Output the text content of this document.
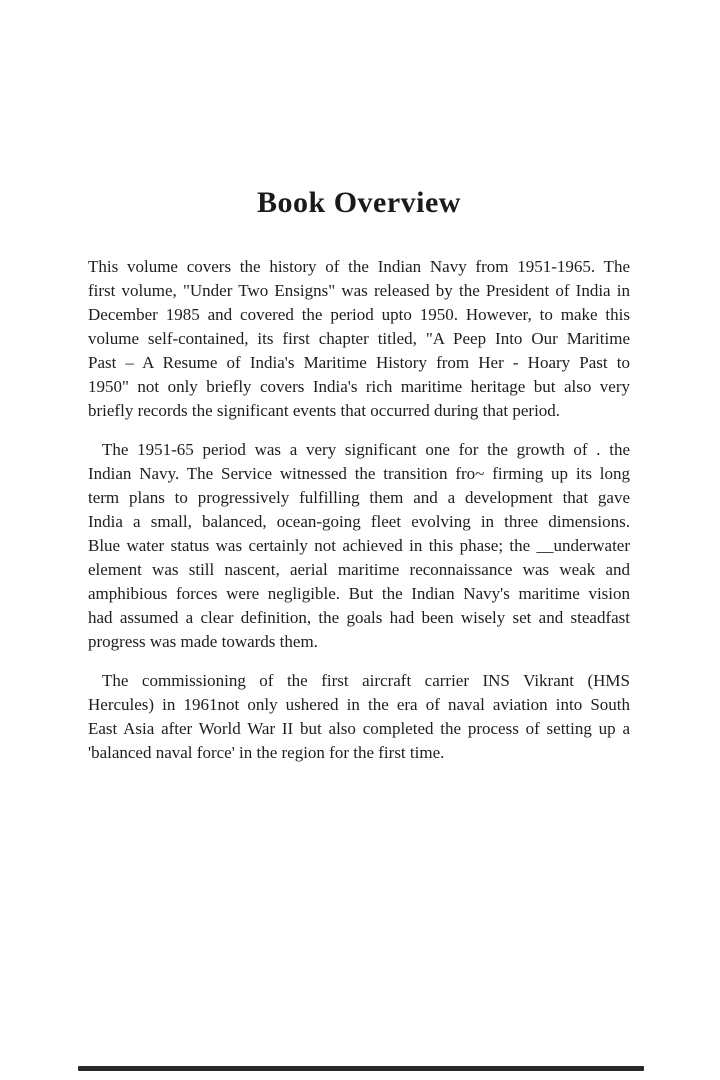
Book Overview
This volume covers the history of the Indian Navy from 1951-1965. The
first volume, "Under Two Ensigns" was released by the President of India in
December 1985 and covered the period upto 1950. However, to make this
volume self-contained, its first chapter titled, "A Peep Into Our Maritime
Past – A Resume of India's Maritime History from Her - Hoary Past to
1950" not only briefly covers India's rich maritime heritage but also very
briefly records the significant events that occurred during that period.
The 1951-65 period was a very significant one for the growth of . the
Indian Navy. The Service witnessed the transition fro~ firming up its long
term plans to progressively fulfilling them and a development that gave
India a small, balanced, ocean-going fleet evolving in three dimensions.
Blue water status was certainly not achieved in this phase; the __underwater
element was still nascent, aerial maritime reconnaissance was weak and
amphibious forces were negligible. But the Indian Navy's maritime vision
had assumed a clear definition, the goals had been wisely set and steadfast
progress was made towards them.
The commissioning of the first aircraft carrier INS Vikrant (HMS
Hercules) in 1961not only ushered in the era of naval aviation into South
East Asia after World War II but also completed the process of setting up a
'balanced naval force' in the region for the first time.
